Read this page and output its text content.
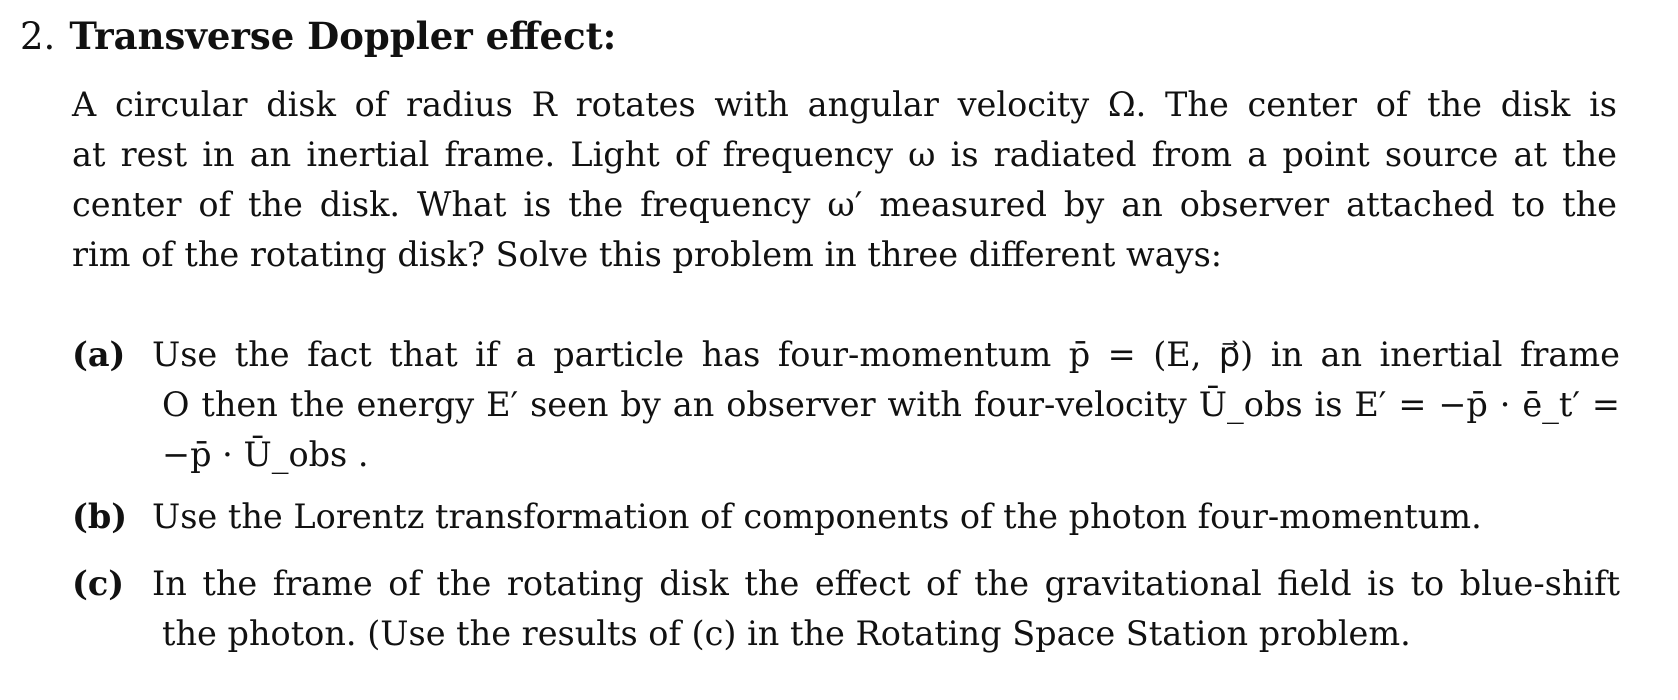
2. Transverse Doppler effect:
A circular disk of radius R rotates with angular velocity Ω. The center of the disk is
at rest in an inertial frame. Light of frequency ω is radiated from a point source at the
center of the disk. What is the frequency ω′ measured by an observer attached to the
rim of the rotating disk? Solve this problem in three different ways:
(a) Use the fact that if a particle has four-momentum p̄ = (E, p⃗) in an inertial frame
O then the energy E′ seen by an observer with four-velocity Ū_obs is E′ = −p̄ · ē_t′ =
−p̄ · Ū_obs .
(b) Use the Lorentz transformation of components of the photon four-momentum.
(c) In the frame of the rotating disk the effect of the gravitational field is to blue-shift
the photon. (Use the results of (c) in the Rotating Space Station problem.
